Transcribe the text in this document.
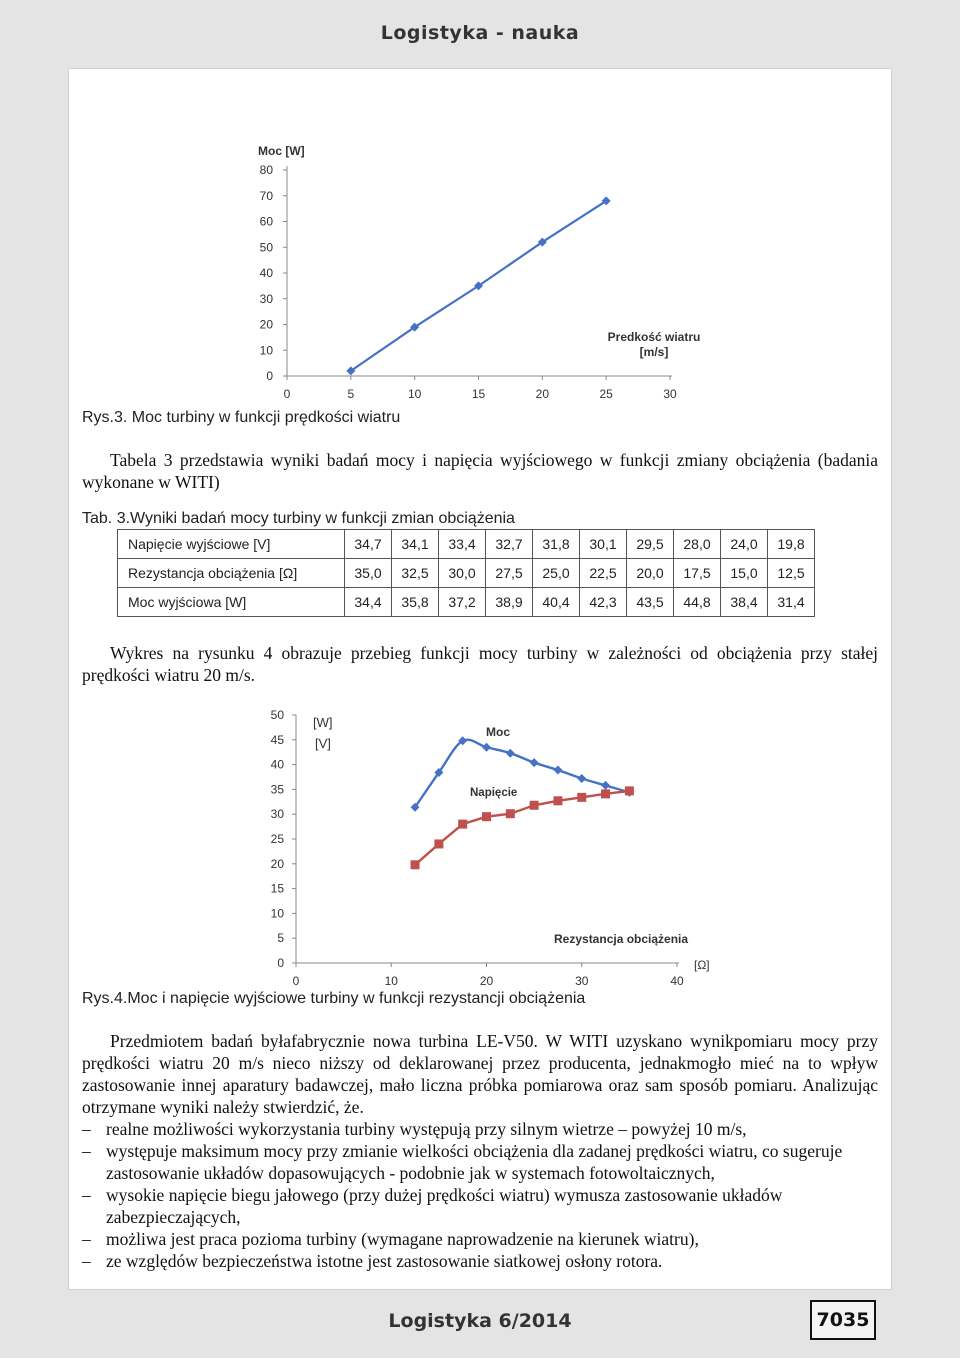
Logistyka - nauka
0
10
20
30
40
50
60
70
80
0	5	10	15	20	25	30
Moc [W]
Predkość wiatru
[m/s]
Rys.3. Moc turbiny w funkcji prędkości wiatru
Tabela 3 przedstawia wyniki badań mocy i napięcia wyjściowego w funkcji zmiany obciążenia (badania wykonane w WITI)
Tab. 3.Wyniki badań mocy turbiny w funkcji zmian obciążenia
Napięcie wyjściowe [V]	34,7	34,1	33,4	32,7	31,8	30,1	29,5	28,0	24,0	19,8
Rezystancja obciążenia [Ω]	35,0	32,5	30,0	27,5	25,0	22,5	20,0	17,5	15,0	12,5
Moc wyjściowa [W]	34,4	35,8	37,2	38,9	40,4	42,3	43,5	44,8	38,4	31,4
Wykres na rysunku 4 obrazuje przebieg funkcji mocy turbiny w zależności od obciążenia przy stałej prędkości wiatru 20 m/s.
0
5
10
15
20
25
30
35
40
45
50
0	10	20	30	40
[W]
[V]
Moc
Napięcie
Rezystancja obciążenia
[Ω]
Rys.4.Moc i napięcie wyjściowe turbiny w funkcji rezystancji obciążenia
Przedmiotem badań byłafabrycznie nowa turbina LE-V50. W WITI uzyskano wynikpomiaru mocy przy prędkości wiatru 20 m/s nieco niższy od deklarowanej przez producenta, jednakmogło mieć na to wpływ zastosowanie innej aparatury badawczej, mało liczna próbka pomiarowa oraz sam sposób pomiaru. Analizując otrzymane wyniki należy stwierdzić, że.
– realne możliwości wykorzystania turbiny występują przy silnym wietrze – powyżej 10 m/s,
– występuje maksimum mocy przy zmianie wielkości obciążenia dla zadanej prędkości wiatru, co sugeruje zastosowanie układów dopasowujących - podobnie jak w systemach fotowoltaicznych,
– wysokie napięcie biegu jałowego (przy dużej prędkości wiatru) wymusza zastosowanie układów zabezpieczających,
– możliwa jest praca pozioma turbiny (wymagane naprowadzenie na kierunek wiatru),
– ze względów bezpieczeństwa istotne jest zastosowanie siatkowej osłony rotora.
Logistyka 6/2014	7035
